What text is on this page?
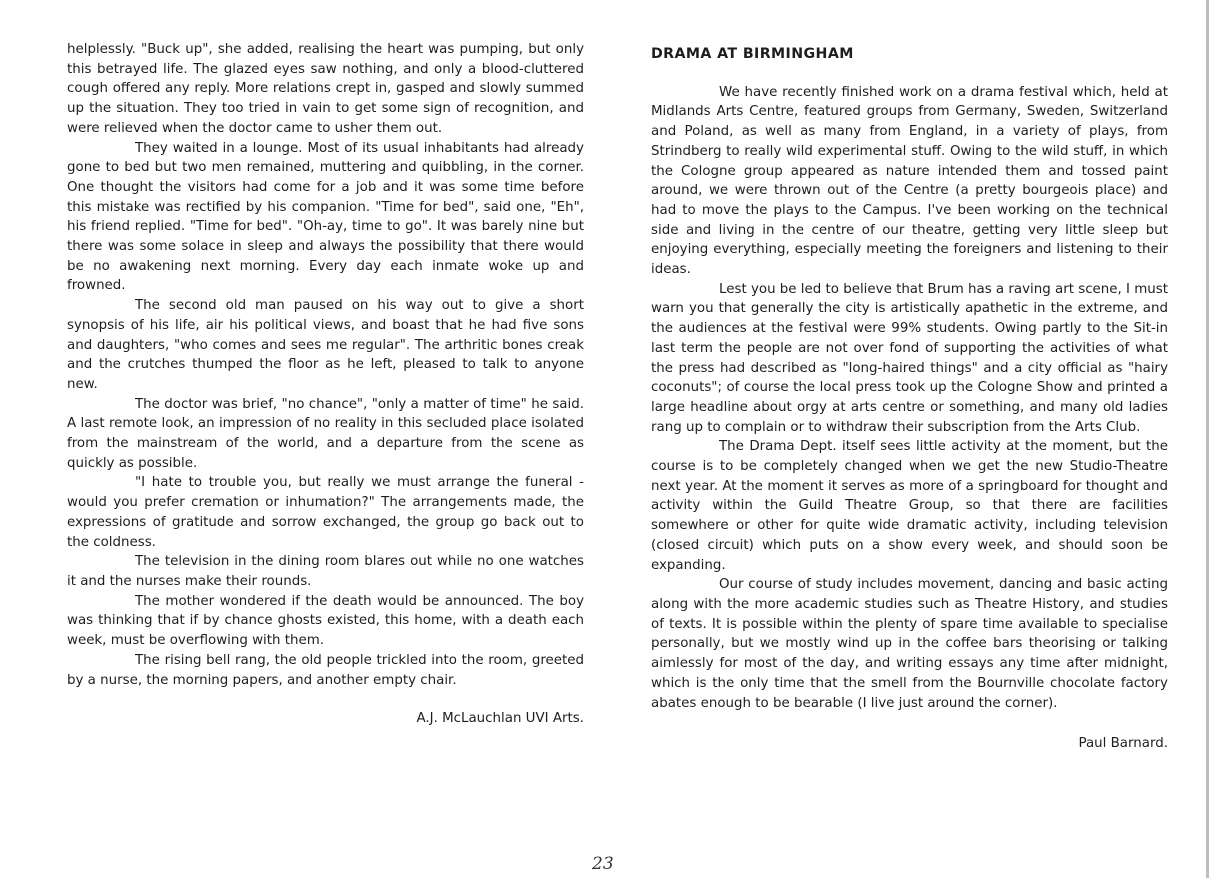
helplessly. "Buck up", she added, realising the heart was pumping, but only this betrayed life. The glazed eyes saw nothing, and only a blood-cluttered cough offered any reply. More relations crept in, gasped and slowly summed up the situation. They too tried in vain to get some sign of recognition, and were relieved when the doctor came to usher them out.

They waited in a lounge. Most of its usual inhabitants had already gone to bed but two men remained, muttering and quibbling, in the corner. One thought the visitors had come for a job and it was some time before this mistake was rectified by his companion. "Time for bed", said one, "Eh", his friend replied. "Time for bed". "Oh-ay, time to go". It was barely nine but there was some solace in sleep and always the possibility that there would be no awakening next morning. Every day each inmate woke up and frowned.

The second old man paused on his way out to give a short synopsis of his life, air his political views, and boast that he had five sons and daughters, "who comes and sees me regular". The arthritic bones creak and the crutches thumped the floor as he left, pleased to talk to anyone new.

The doctor was brief, "no chance", "only a matter of time" he said. A last remote look, an impression of no reality in this secluded place isolated from the mainstream of the world, and a departure from the scene as quickly as possible.

"I hate to trouble you, but really we must arrange the funeral - would you prefer cremation or inhumation?" The arrangements made, the expressions of gratitude and sorrow exchanged, the group go back out to the coldness.

The television in the dining room blares out while no one watches it and the nurses make their rounds.

The mother wondered if the death would be announced. The boy was thinking that if by chance ghosts existed, this home, with a death each week, must be overflowing with them.

The rising bell rang, the old people trickled into the room, greeted by a nurse, the morning papers, and another empty chair.

A.J. McLauchlan UVI Arts.

DRAMA AT BIRMINGHAM

We have recently finished work on a drama festival which, held at Midlands Arts Centre, featured groups from Germany, Sweden, Switzerland and Poland, as well as many from England, in a variety of plays, from Strindberg to really wild experimental stuff. Owing to the wild stuff, in which the Cologne group appeared as nature intended them and tossed paint around, we were thrown out of the Centre (a pretty bourgeois place) and had to move the plays to the Campus. I've been working on the technical side and living in the centre of our theatre, getting very little sleep but enjoying everything, especially meeting the foreigners and listening to their ideas.

Lest you be led to believe that Brum has a raving art scene, I must warn you that generally the city is artistically apathetic in the extreme, and the audiences at the festival were 99% students. Owing partly to the Sit-in last term the people are not over fond of supporting the activities of what the press had described as "long-haired things" and a city official as "hairy coconuts"; of course the local press took up the Cologne Show and printed a large headline about orgy at arts centre or something, and many old ladies rang up to complain or to withdraw their subscription from the Arts Club.

The Drama Dept. itself sees little activity at the moment, but the course is to be completely changed when we get the new Studio-Theatre next year. At the moment it serves as more of a springboard for thought and activity within the Guild Theatre Group, so that there are facilities somewhere or other for quite wide dramatic activity, including television (closed circuit) which puts on a show every week, and should soon be expanding.

Our course of study includes movement, dancing and basic acting along with the more academic studies such as Theatre History, and studies of texts. It is possible within the plenty of spare time available to specialise personally, but we mostly wind up in the coffee bars theorising or talking aimlessly for most of the day, and writing essays any time after midnight, which is the only time that the smell from the Bournville chocolate factory abates enough to be bearable (I live just around the corner).

Paul Barnard.

23
